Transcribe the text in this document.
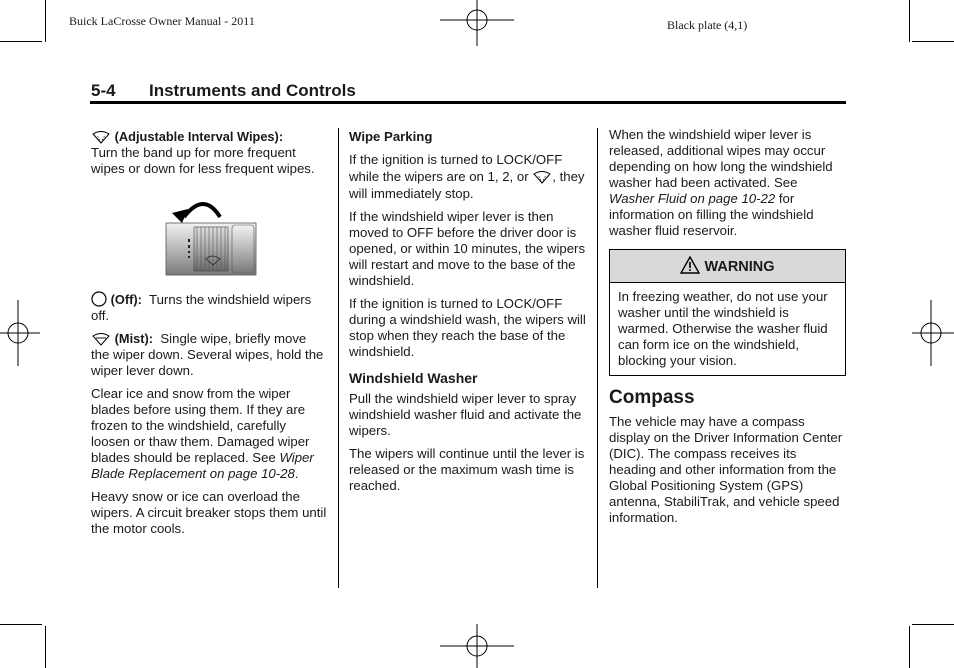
Buick LaCrosse Owner Manual - 2011	Black plate (4,1)
5-4 Instruments and Controls

(Adjustable Interval Wipes):
Turn the band up for more frequent wipes or down for less frequent wipes.

(Off): Turns the windshield wipers off.

(Mist): Single wipe, briefly move the wiper down. Several wipes, hold the wiper lever down.

Clear ice and snow from the wiper blades before using them. If they are frozen to the windshield, carefully loosen or thaw them. Damaged wiper blades should be replaced. See Wiper Blade Replacement on page 10-28.

Heavy snow or ice can overload the wipers. A circuit breaker stops them until the motor cools.

Wipe Parking

If the ignition is turned to LOCK/OFF while the wipers are on 1, 2, or , they will immediately stop.

If the windshield wiper lever is then moved to OFF before the driver door is opened, or within 10 minutes, the wipers will restart and move to the base of the windshield.

If the ignition is turned to LOCK/OFF during a windshield wash, the wipers will stop when they reach the base of the windshield.

Windshield Washer

Pull the windshield wiper lever to spray windshield washer fluid and activate the wipers.

The wipers will continue until the lever is released or the maximum wash time is reached.

When the windshield wiper lever is released, additional wipes may occur depending on how long the windshield washer had been activated. See Washer Fluid on page 10-22 for information on filling the windshield washer fluid reservoir.

WARNING
In freezing weather, do not use your washer until the windshield is warmed. Otherwise the washer fluid can form ice on the windshield, blocking your vision.
Compass

The vehicle may have a compass display on the Driver Information Center (DIC). The compass receives its heading and other information from the Global Positioning System (GPS) antenna, StabiliTrak, and vehicle speed information.
